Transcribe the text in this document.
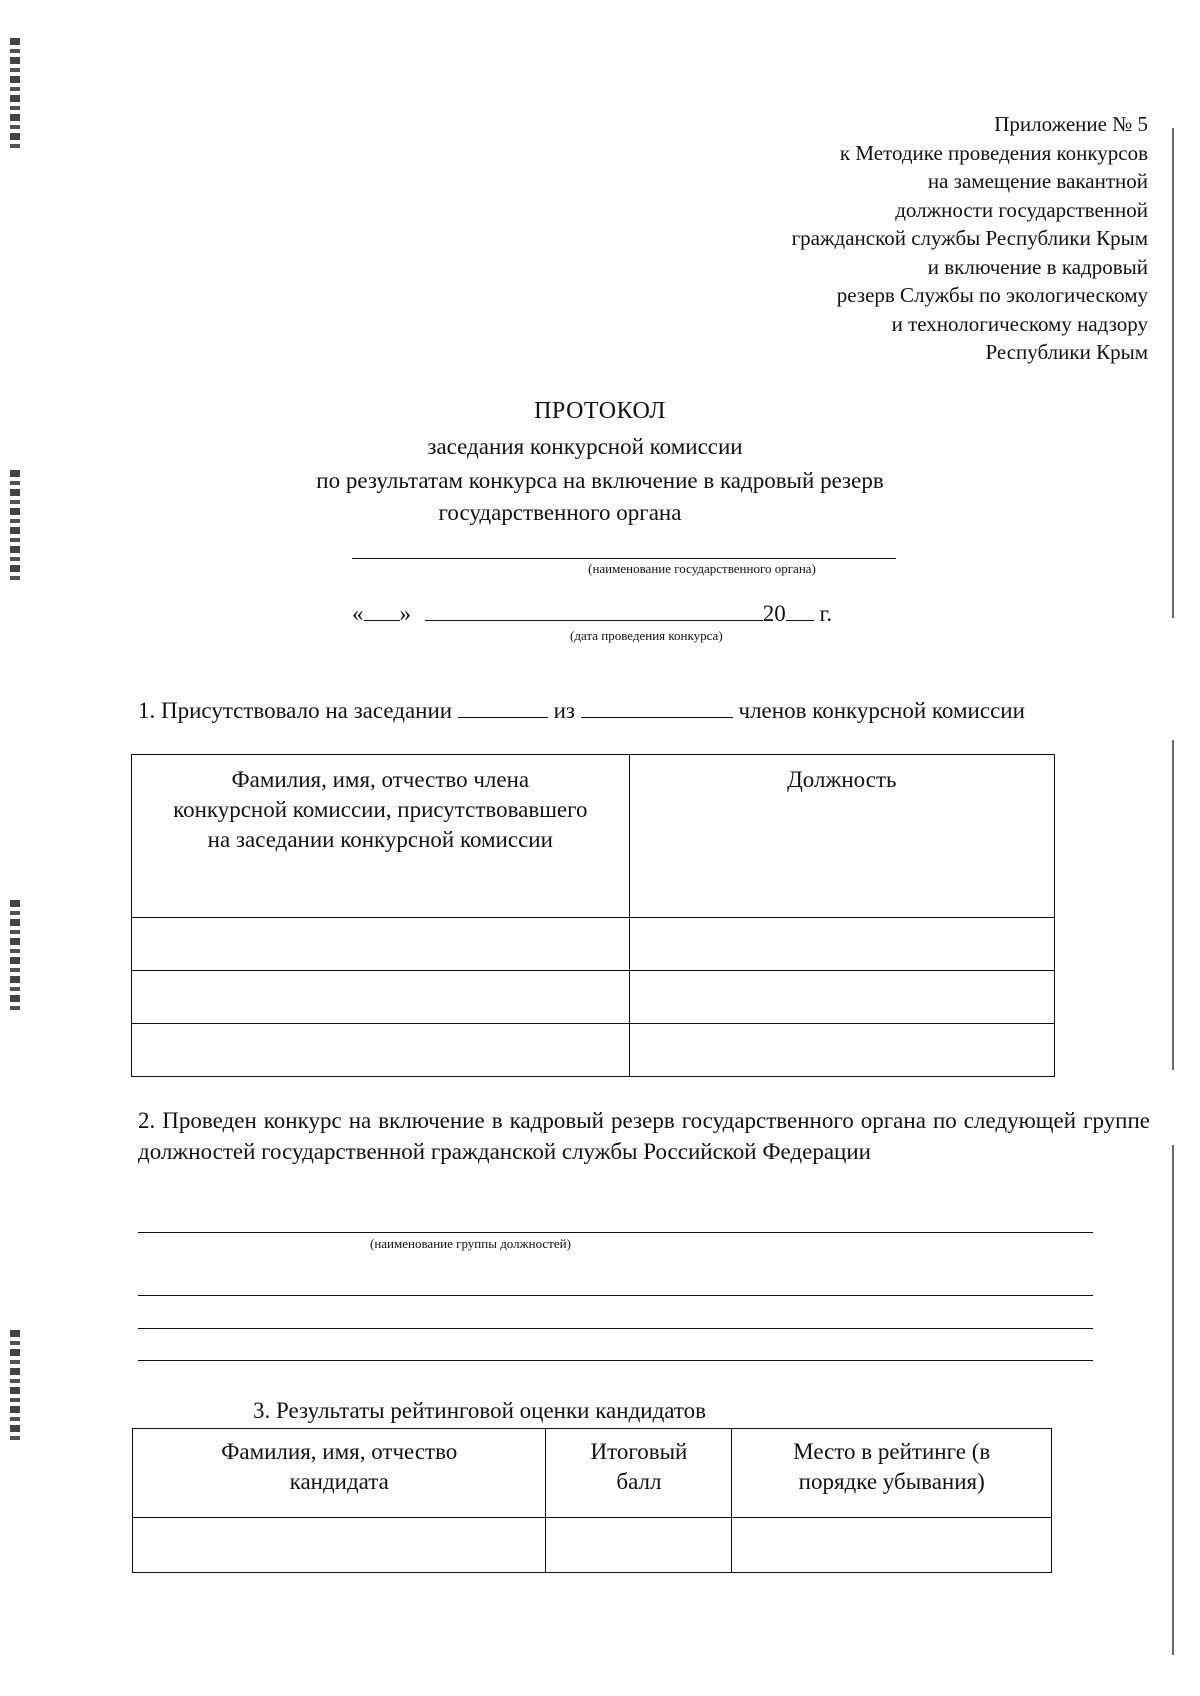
Приложение № 5
к Методике проведения конкурсов
на замещение вакантной
должности государственной
гражданской службы Республики Крым
и включение в кадровый
резерв Службы по экологическому
и технологическому надзору
Республики Крым
ПРОТОКОЛ
заседания конкурсной комиссии
по результатам конкурса на включение в кадровый резерв
государственного органа
(наименование государственного органа)
« »	20 г.
(дата проведения конкурса)
1. Присутствовало на заседании	из	членов конкурсной комиссии
Фамилия, имя, отчество члена конкурсной комиссии, присутствовавшего на заседании конкурсной комиссии	Должность

2. Проведен конкурс на включение в кадровый резерв государственного органа по следующей группе должностей государственной гражданской службы Российской Федерации
(наименование группы должностей)
3. Результаты рейтинговой оценки кандидатов
Фамилия, имя, отчество кандидата	Итоговый балл	Место в рейтинге (в порядке убывания)
